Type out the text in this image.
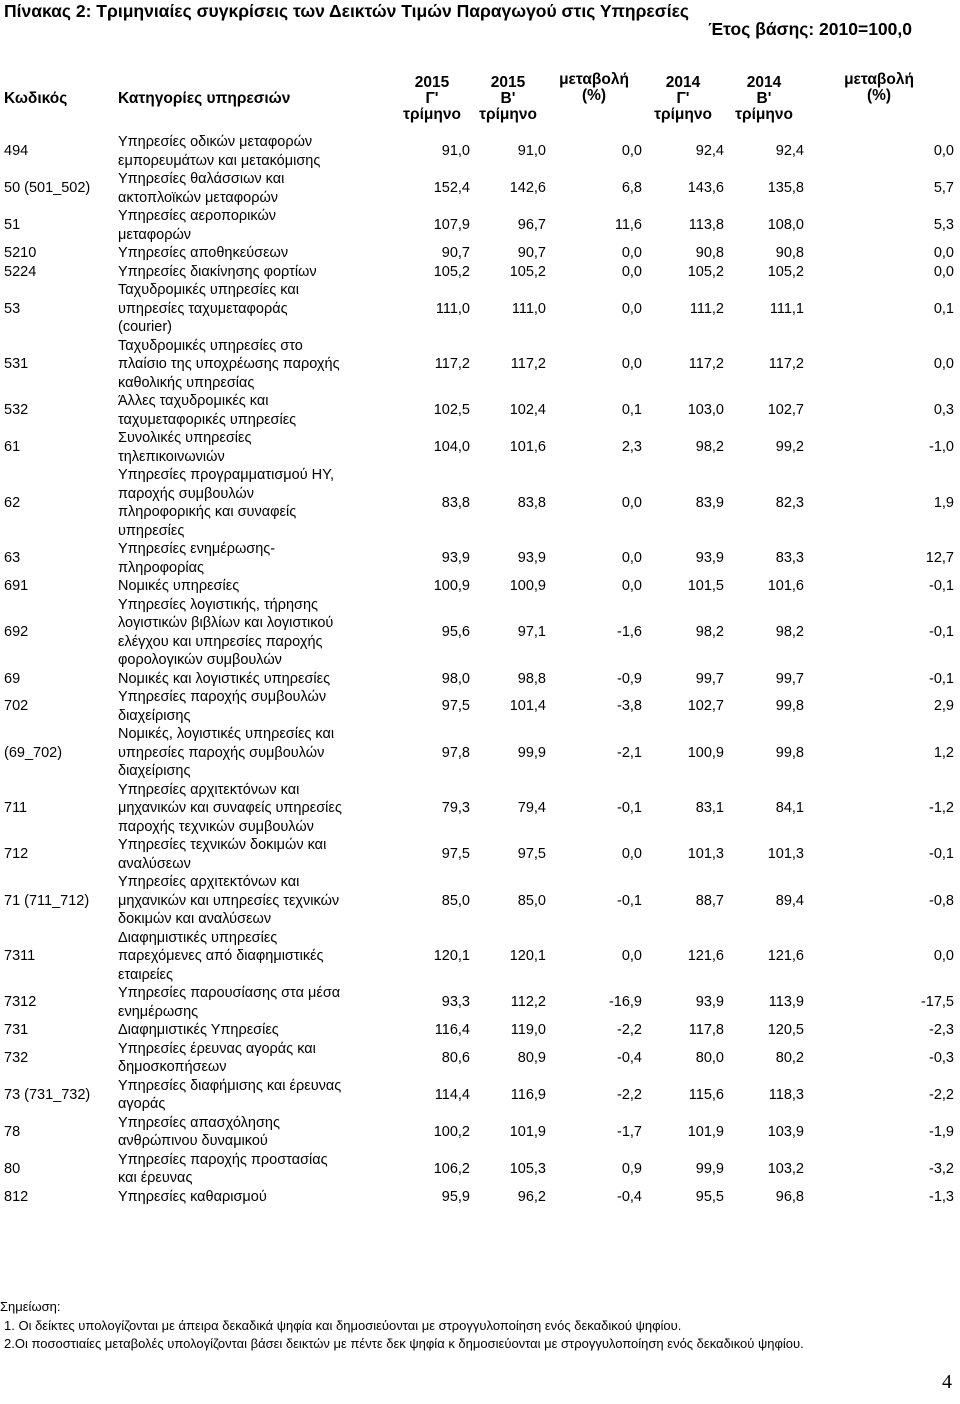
Πίνακας 2: Τριμηνιαίες συγκρίσεις των Δεικτών Τιμών Παραγωγού στις Υπηρεσίες
Έτος βάσης: 2010=100,0
Κωδικός	Κατηγορίες υπηρεσιών	2015
Γ'
τρίμηνο	2015
Β'
τρίμηνο	μεταβολή
(%)	2014
Γ'
τρίμηνο	2014
Β'
τρίμηνο	μεταβολή
(%)

494	Υπηρεσίες οδικών μεταφορών
εμπορευμάτων και μετακόμισης	91,0	91,0	0,0	92,4	92,4	0,0
50 (501_502)	Υπηρεσίες θαλάσσιων και
ακτοπλοϊκών μεταφορών	152,4	142,6	6,8	143,6	135,8	5,7
51	Υπηρεσίες αεροπορικών
μεταφορών	107,9	96,7	11,6	113,8	108,0	5,3
5210	Υπηρεσίες αποθηκεύσεων	90,7	90,7	0,0	90,8	90,8	0,0
5224	Υπηρεσίες διακίνησης φορτίων	105,2	105,2	0,0	105,2	105,2	0,0
53	Ταχυδρομικές υπηρεσίες και
υπηρεσίες ταχυμεταφοράς
(courier)	111,0	111,0	0,0	111,2	111,1	0,1
531	Ταχυδρομικές υπηρεσίες στο
πλαίσιο της υποχρέωσης παροχής
καθολικής υπηρεσίας	117,2	117,2	0,0	117,2	117,2	0,0
532	Άλλες ταχυδρομικές και
ταχυμεταφορικές υπηρεσίες	102,5	102,4	0,1	103,0	102,7	0,3
61	Συνολικές υπηρεσίες
τηλεπικοινωνιών	104,0	101,6	2,3	98,2	99,2	-1,0
62	Υπηρεσίες προγραμματισμού ΗΥ,
παροχής συμβουλών
πληροφορικής και συναφείς
υπηρεσίες	83,8	83,8	0,0	83,9	82,3	1,9
63	Υπηρεσίες ενημέρωσης-
πληροφορίας	93,9	93,9	0,0	93,9	83,3	12,7
691	Νομικές υπηρεσίες	100,9	100,9	0,0	101,5	101,6	-0,1
692	Υπηρεσίες λογιστικής, τήρησης
λογιστικών βιβλίων και λογιστικού
ελέγχου και υπηρεσίες παροχής
φορολογικών συμβουλών	95,6	97,1	-1,6	98,2	98,2	-0,1
69	Νομικές και λογιστικές υπηρεσίες	98,0	98,8	-0,9	99,7	99,7	-0,1
702	Υπηρεσίες παροχής συμβουλών
διαχείρισης	97,5	101,4	-3,8	102,7	99,8	2,9
(69_702)	Νομικές, λογιστικές υπηρεσίες και
υπηρεσίες παροχής συμβουλών
διαχείρισης	97,8	99,9	-2,1	100,9	99,8	1,2
711	Υπηρεσίες αρχιτεκτόνων και
μηχανικών και συναφείς υπηρεσίες
παροχής τεχνικών συμβουλών	79,3	79,4	-0,1	83,1	84,1	-1,2
712	Υπηρεσίες τεχνικών δοκιμών και
αναλύσεων	97,5	97,5	0,0	101,3	101,3	-0,1
71 (711_712)	Υπηρεσίες αρχιτεκτόνων και
μηχανικών και υπηρεσίες τεχνικών
δοκιμών και αναλύσεων	85,0	85,0	-0,1	88,7	89,4	-0,8
7311	Διαφημιστικές υπηρεσίες
παρεχόμενες από διαφημιστικές
εταιρείες	120,1	120,1	0,0	121,6	121,6	0,0
7312	Υπηρεσίες παρουσίασης στα μέσα
ενημέρωσης	93,3	112,2	-16,9	93,9	113,9	-17,5
731	Διαφημιστικές Υπηρεσίες	116,4	119,0	-2,2	117,8	120,5	-2,3
732	Υπηρεσίες έρευνας αγοράς και
δημοσκοπήσεων	80,6	80,9	-0,4	80,0	80,2	-0,3
73 (731_732)	Υπηρεσίες διαφήμισης και έρευνας
αγοράς	114,4	116,9	-2,2	115,6	118,3	-2,2
78	Υπηρεσίες απασχόλησης
ανθρώπινου δυναμικού	100,2	101,9	-1,7	101,9	103,9	-1,9
80	Υπηρεσίες παροχής προστασίας
και έρευνας	106,2	105,3	0,9	99,9	103,2	-3,2
812	Υπηρεσίες καθαρισμού	95,9	96,2	-0,4	95,5	96,8	-1,3
Σημείωση:
1. Οι δείκτες υπολογίζονται με άπειρα δεκαδικά ψηφία και δημοσιεύονται με στρογγυλοποίηση ενός δεκαδικού ψηφίου.
2.Οι ποσοστιαίες μεταβολές υπολογίζονται βάσει δεικτών με πέντε δεκ ψηφία κ δημοσιεύονται με στρογγυλοποίηση ενός δεκαδικού ψηφίου.
4
